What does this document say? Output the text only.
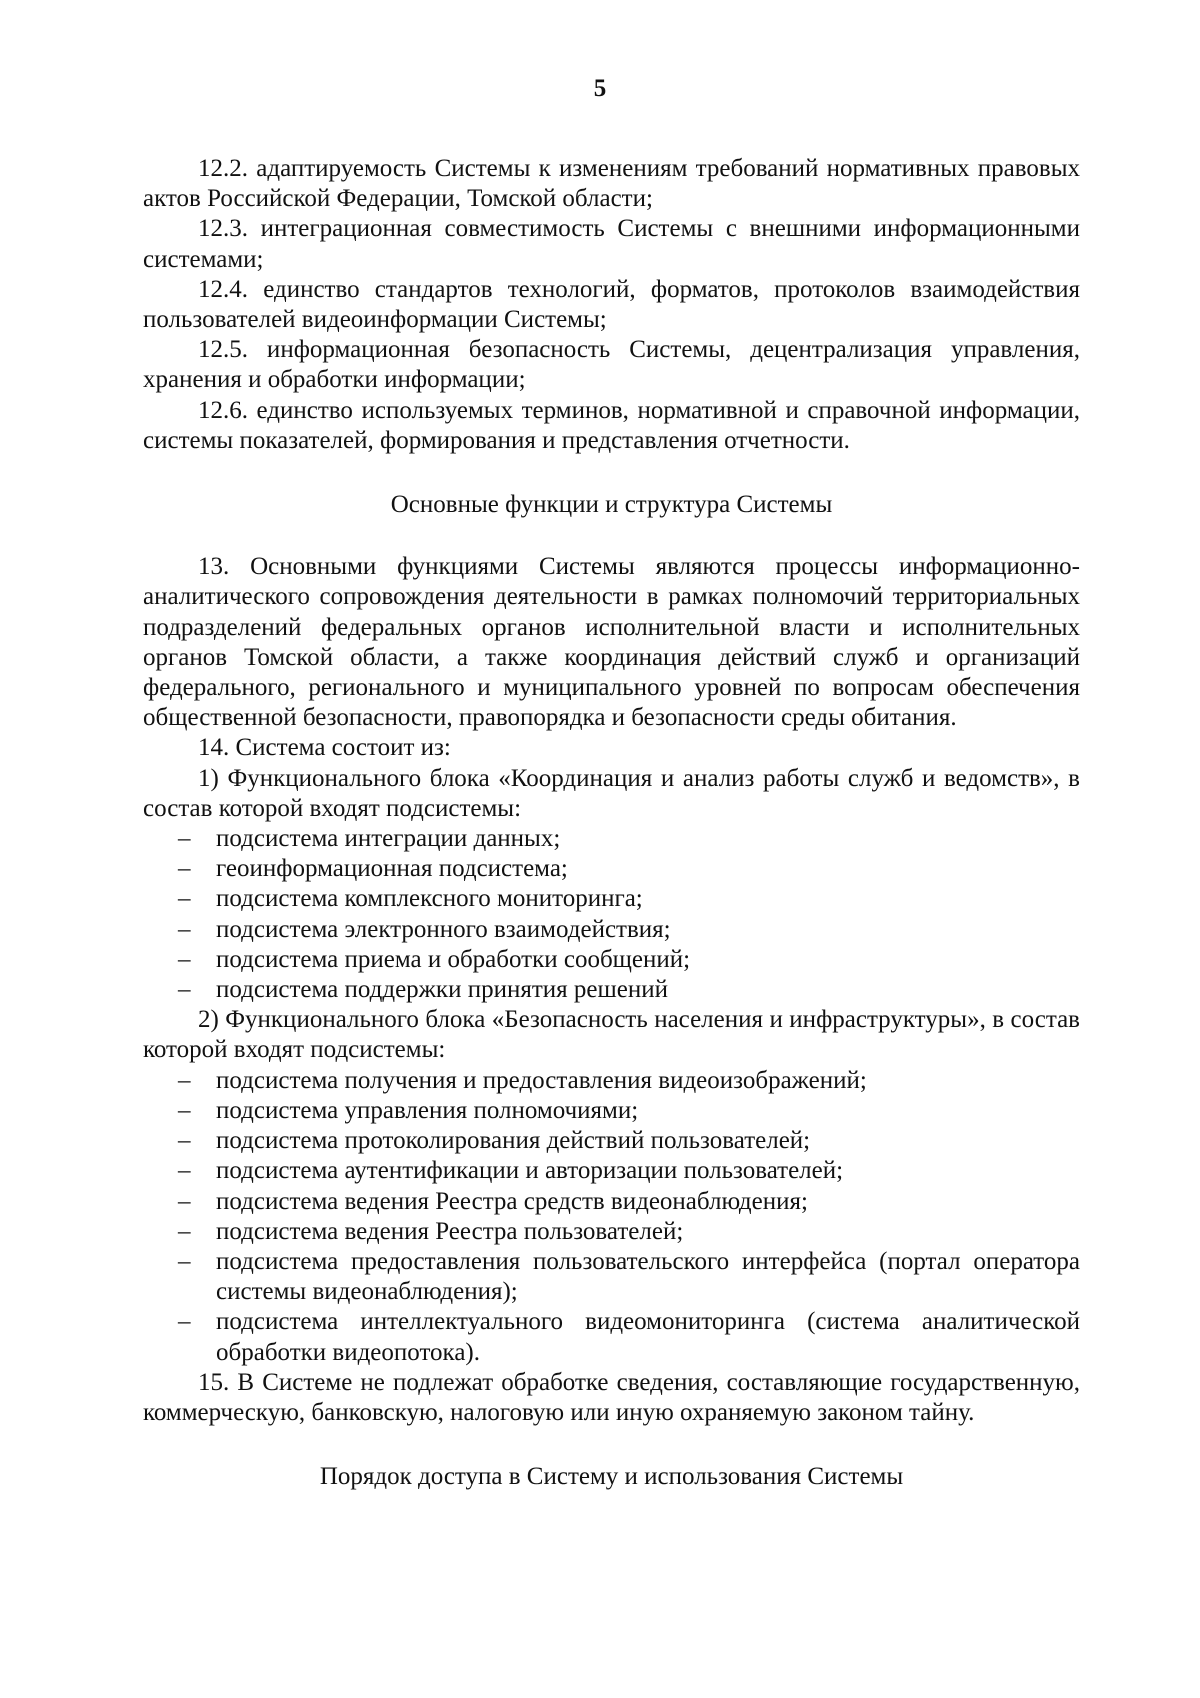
5

12.2. адаптируемость Системы к изменениям требований нормативных правовых актов Российской Федерации, Томской области;

12.3. интеграционная совместимость Системы с внешними информационными системами;

12.4. единство стандартов технологий, форматов, протоколов взаимодействия пользователей видеоинформации Системы;

12.5. информационная безопасность Системы, децентрализация управления, хранения и обработки информации;

12.6. единство используемых терминов, нормативной и справочной информации, системы показателей, формирования и представления отчетности.

Основные функции и структура Системы

13. Основными функциями Системы являются процессы информационно-аналитического сопровождения деятельности в рамках полномочий территориальных подразделений федеральных органов исполнительной власти и исполнительных органов Томской области, а также координация действий служб и организаций федерального, регионального и муниципального уровней по вопросам обеспечения общественной безопасности, правопорядка и безопасности среды обитания.

14. Система состоит из:

1) Функционального блока «Координация и анализ работы служб и ведомств», в состав которой входят подсистемы:

– подсистема интеграции данных;
– геоинформационная подсистема;
– подсистема комплексного мониторинга;
– подсистема электронного взаимодействия;
– подсистема приема и обработки сообщений;
– подсистема поддержки принятия решений

2) Функционального блока «Безопасность населения и инфраструктуры», в состав которой входят подсистемы:

– подсистема получения и предоставления видеоизображений;
– подсистема управления полномочиями;
– подсистема протоколирования действий пользователей;
– подсистема аутентификации и авторизации пользователей;
– подсистема ведения Реестра средств видеонаблюдения;
– подсистема ведения Реестра пользователей;
– подсистема предоставления пользовательского интерфейса (портал оператора системы видеонаблюдения);
– подсистема интеллектуального видеомониторинга (система аналитической обработки видеопотока).

15. В Системе не подлежат обработке сведения, составляющие государственную, коммерческую, банковскую, налоговую или иную охраняемую законом тайну.

Порядок доступа в Систему и использования Системы
